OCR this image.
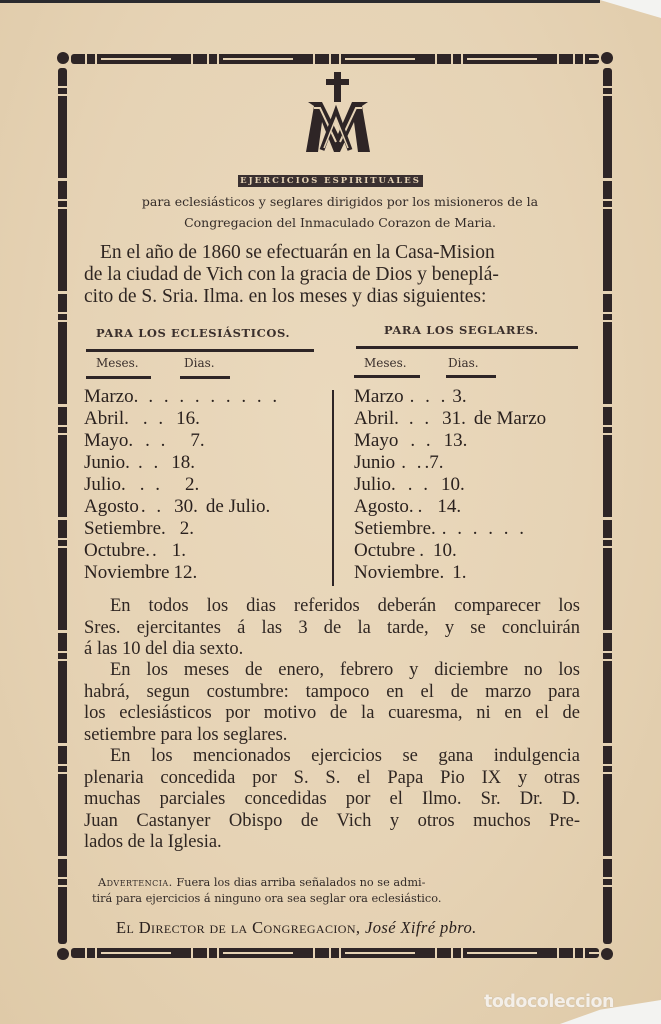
EJERCICIOS ESPIRITUALES
para eclesiásticos y seglares dirigidos por los misioneros de la
Congregacion del Inmaculado Corazon de Maria.
En el año de 1860 se efectuarán en la Casa-Mision
de la ciudad de Vich con la gracia de Dios y beneplá-
cito de S. Sria. Ilma. en los meses y dias siguientes:
PARA LOS ECLESIÁSTICOS.	PARA LOS SEGLARES.
Meses.	Dias.	Meses.	Dias.
Marzo. . . . . . . . . .
Abril.. . 16.
Mayo.. . 7.
Junio.. . 18.
Julio.. . 2.
Agosto. . 30. de Julio.
Setiembre. 2.
Octubre.. 1.
Noviembre 12.
Marzo. . . 3.
Abril.. . 31. de Marzo
Mayo. . 13.
Junio. ..7.
Julio.. . 10.
Agosto.. 14.
Setiembre.. . . . . .
Octubre. 10.
Noviembre. 1.
En todos los dias referidos deberán comparecer los
Sres. ejercitantes á las 3 de la tarde, y se concluirán
á las 10 del dia sexto.
En los meses de enero, febrero y diciembre no los
habrá, segun costumbre: tampoco en el de marzo para
los eclesiásticos por motivo de la cuaresma, ni en el de
setiembre para los seglares.
En los mencionados ejercicios se gana indulgencia
plenaria concedida por S. S. el Papa Pio IX y otras
muchas parciales concedidas por el Ilmo. Sr. Dr. D.
Juan Castanyer Obispo de Vich y otros muchos Pre-
lados de la Iglesia.
Advertencia. Fuera los dias arriba señalados no se admi-
tirá para ejercicios á ninguno ora sea seglar ora eclesiástico.
El Director de la Congregacion, José Xifré pbro.
todocoleccion
